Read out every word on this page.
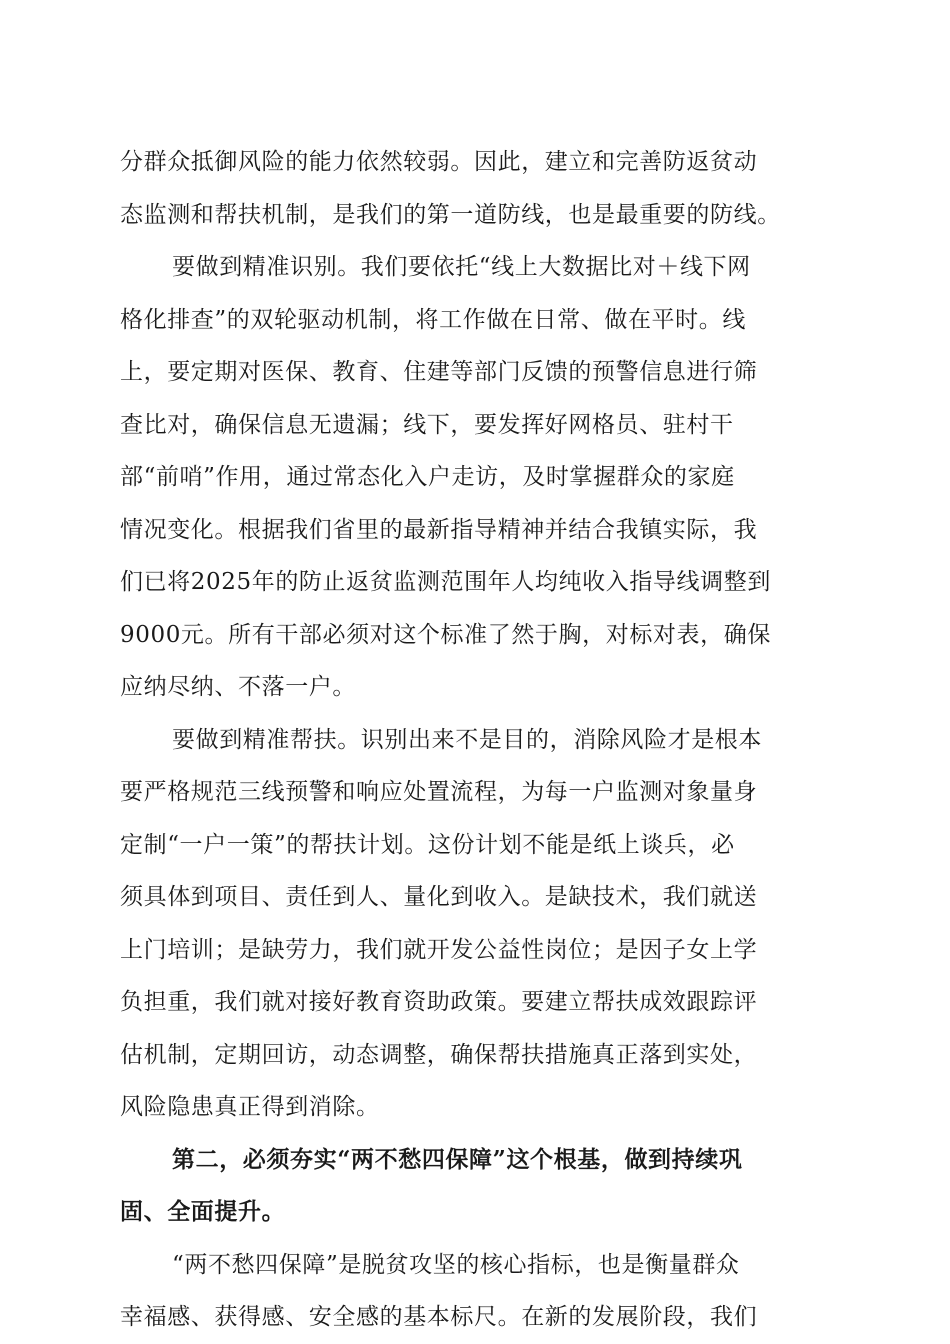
分群众抵御风险的能力依然较弱。因此，建立和完善防返贫动
态监测和帮扶机制，是我们的第一道防线，也是最重要的防线。
要做到精准识别。我们要依托“线上大数据比对＋线下网
格化排查”的双轮驱动机制，将工作做在日常、做在平时。线
上，要定期对医保、教育、住建等部门反馈的预警信息进行筛
查比对，确保信息无遗漏；线下，要发挥好网格员、驻村干
部“前哨”作用，通过常态化入户走访，及时掌握群众的家庭
情况变化。根据我们省里的最新指导精神并结合我镇实际，我
们已将2025年的防止返贫监测范围年人均纯收入指导线调整到
9000元。所有干部必须对这个标准了然于胸，对标对表，确保
应纳尽纳、不落一户。
要做到精准帮扶。识别出来不是目的，消除风险才是根本
要严格规范三线预警和响应处置流程，为每一户监测对象量身
定制“一户一策”的帮扶计划。这份计划不能是纸上谈兵，必
须具体到项目、责任到人、量化到收入。是缺技术，我们就送
上门培训；是缺劳力，我们就开发公益性岗位；是因子女上学
负担重，我们就对接好教育资助政策。要建立帮扶成效跟踪评
估机制，定期回访，动态调整，确保帮扶措施真正落到实处，
风险隐患真正得到消除。
第二，必须夯实“两不愁四保障”这个根基，做到持续巩
固、全面提升。
“两不愁四保障”是脱贫攻坚的核心指标，也是衡量群众
幸福感、获得感、安全感的基本标尺。在新的发展阶段，我们
